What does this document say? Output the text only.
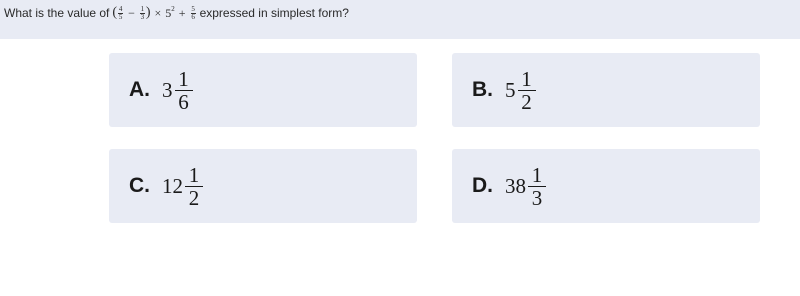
What is the value of ( 4
5 − 1
3 ) × 5 2 + 5
6 expressed in simplest form?
A. $3 \frac{1}{6}$	B. $5 \frac{1}{2}$
C. $12 \frac{1}{2}$	D. $38 \frac{1}{3}$
